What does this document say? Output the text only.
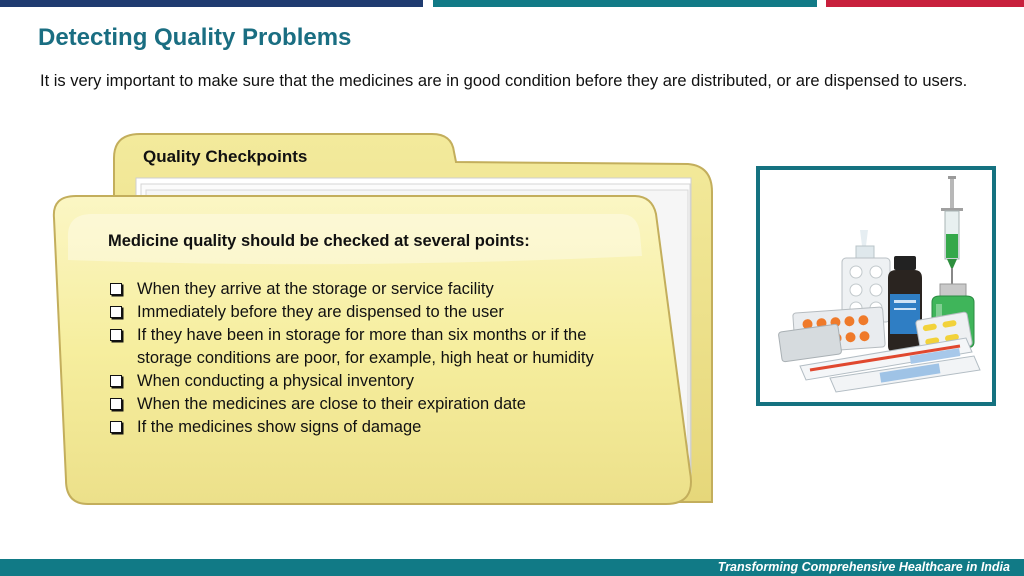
Detecting Quality Problems
It is very important to make sure that the medicines are in good condition before they are distributed, or are dispensed to users.
Quality Checkpoints
Medicine quality should be checked at several points:
When they arrive at the storage or service facility
Immediately before they are dispensed to the user
If they have been in storage for more than six months or if the storage conditions are poor, for example, high heat or humidity
When conducting a physical inventory
When the medicines are close to their expiration date
If the medicines show signs of damage
Transforming Comprehensive Healthcare in India
